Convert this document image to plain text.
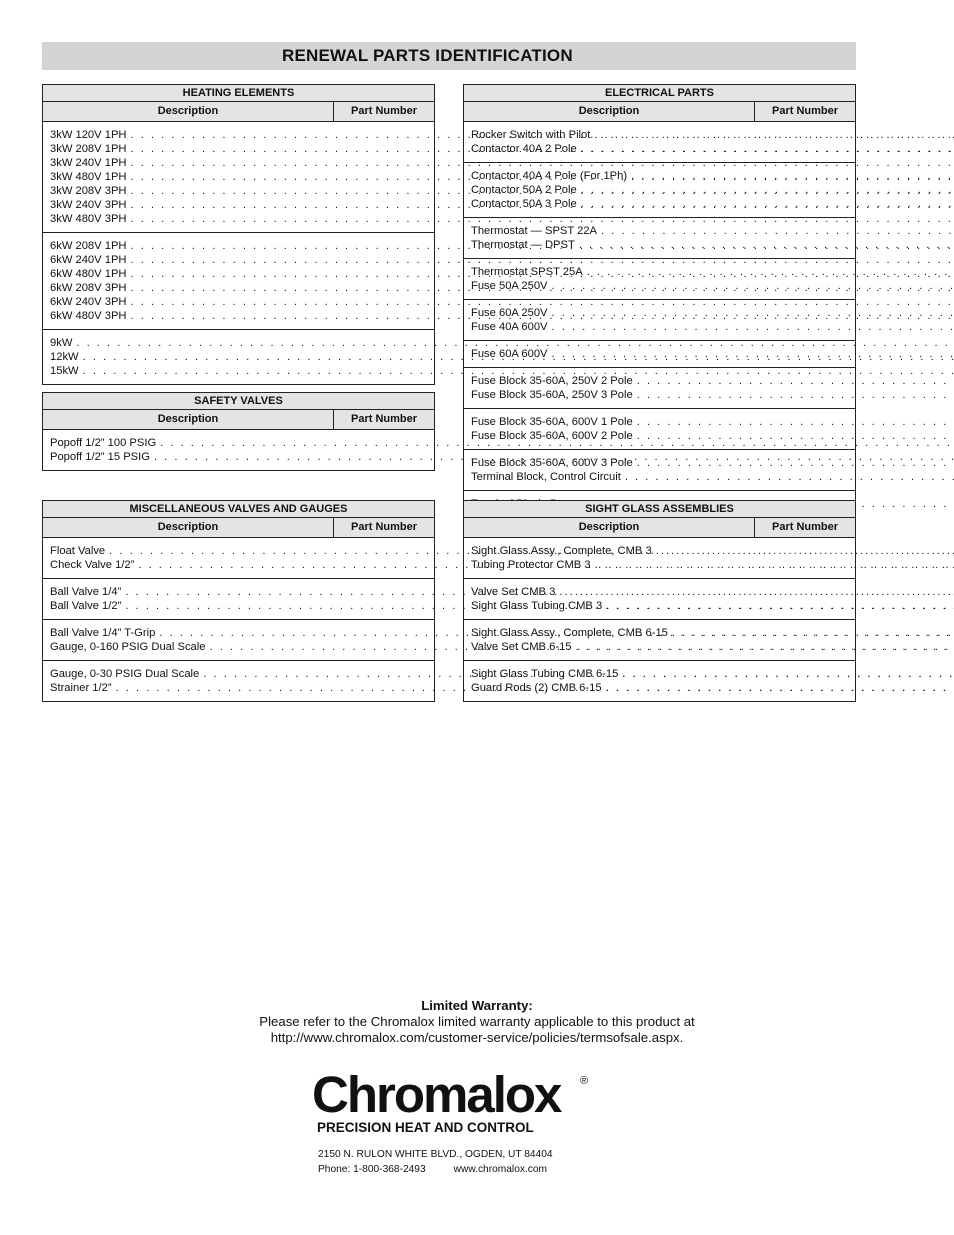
RENEWAL PARTS IDENTIFICATION
HEATING ELEMENTS
Description	Part Number
3kW 120V 1PH
. . .
3kW 208V 1PH
. . .
3kW 240V 1PH
. . .
3kW 480V 1PH
. . .
3kW 208V 3PH
. . .
3kW 240V 3PH
. . .
3kW 480V 3PH
. . .
6kW 208V 1PH
. . .
6kW 240V 1PH
. . .
6kW 480V 1PH
. . .
6kW 208V 3PH
. . .
6kW 240V 3PH
. . .
6kW 480V 3PH
. . .
9kW
. . .
12kW
. . .
15kW
. . .
SAFETY VALVES
Description	Part Number
Popoff 1/2” 100 PSIG
. . .
Popoff 1/2” 15 PSIG
. . .
MISCELLANEOUS VALVES AND GAUGES
Description	Part Number
Float Valve
. . .
Check Valve 1/2”
. . .
Ball Valve 1/4”
. . .
Ball Valve 1/2”
. . .
Ball Valve 1/4” T-Grip
. . .
Gauge, 0-160 PSIG Dual Scale
. . .
Gauge, 0-30 PSIG Dual Scale
. . .
Strainer 1/2”
. . .
ELECTRICAL PARTS
Description	Part Number
Rocker Switch with Pilot
. . .
Contactor 40A 2 Pole
. . .
Contactor 40A 4 Pole (For 1Ph)
. . .
Contactor 50A 2 Pole
. . .
Contactor 50A 3 Pole
. . .
Thermostat — SPST 22A
. . .
Thermostat — DPST
. . .
Thermostat SPST 25A
. . .
Fuse 50A 250V
. . .
Fuse 60A 250V
. . .
Fuse 40A 600V
. . .
Fuse 60A 600V
. . .
Fuse Block 35-60A, 250V 2 Pole
. . .
Fuse Block 35-60A, 250V 3 Pole
. . .
Fuse Block 35-60A, 600V 1 Pole
. . .
Fuse Block 35-60A, 600V 2 Pole
. . .
Fuse Block 35-60A, 600V 3 Pole
. . .
Terminal Block, Control Circuit
. . .
. . .
SIGHT GLASS ASSEMBLIES
Description	Part Number
Sight Glass Assy., Complete, CMB 3
. . .
Tubing Protector CMB 3
. . .
Valve Set CMB 3
. . .
Sight Glass Tubing CMB 3
. . .
Sight Glass Assy., Complete, CMB 6-15
. . .
Valve Set CMB 6-15
. . .
Sight Glass Tubing CMB 6-15
. . .
Guard Rods (2) CMB 6-15
. . .
Limited Warranty:
Please refer to the Chromalox limited warranty applicable to this product at
http://www.chromalox.com/customer-service/policies/termsofsale.aspx.
Chromalox	®
PRECISION HEAT AND CONTROL
2150 N. RULON WHITE BLVD., OGDEN, UT 84404
Phone: 1-800-368-2493	www.chromalox.com
